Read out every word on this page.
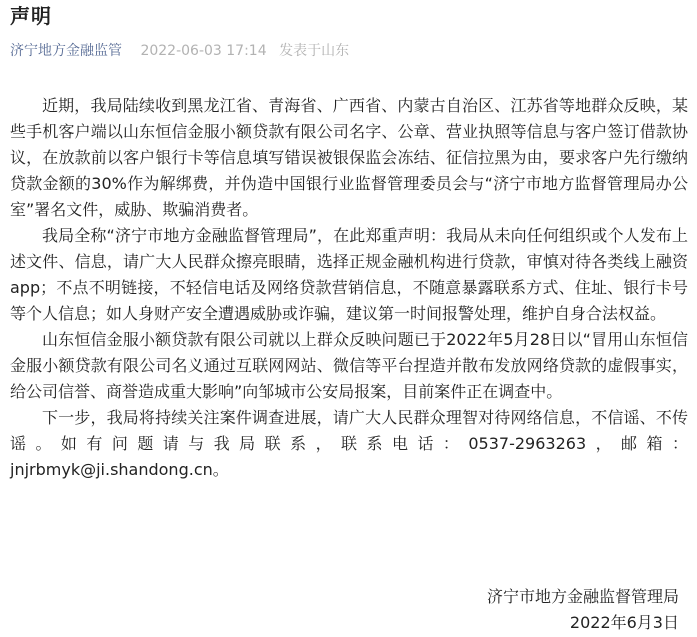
声明
济宁地方金融监管 2022-06-03 17:14 发表于山东

近期，我局陆续收到黑龙江省、青海省、广西省、内蒙古自治区、江苏省等地群众反映，某些手机客户端以山东恒信金服小额贷款有限公司名字、公章、营业执照等信息与客户签订借款协议，在放款前以客户银行卡等信息填写错误被银保监会冻结、征信拉黑为由，要求客户先行缴纳贷款金额的30%作为解绑费，并伪造中国银行业监督管理委员会与“济宁市地方监督管理局办公室”署名文件，威胁、欺骗消费者。

我局全称“济宁市地方金融监督管理局”，在此郑重声明：我局从未向任何组织或个人发布上述文件、信息，请广大人民群众擦亮眼睛，选择正规金融机构进行贷款，审慎对待各类线上融资app；不点不明链接，不轻信电话及网络贷款营销信息，不随意暴露联系方式、住址、银行卡号等个人信息；如人身财产安全遭遇威胁或诈骗，建议第一时间报警处理，维护自身合法权益。

山东恒信金服小额贷款有限公司就以上群众反映问题已于2022年5月28日以“冒用山东恒信金服小额贷款有限公司名义通过互联网网站、微信等平台捏造并散布发放网络贷款的虚假事实，给公司信誉、商誉造成重大影响”向邹城市公安局报案，目前案件正在调查中。

下一步，我局将持续关注案件调查进展，请广大人民群众理智对待网络信息，不信谣、不传谣。如有问题请与我局联系，联系电话：0537-2963263，邮箱：jnjrbmyk@ji.shandong.cn。

济宁市地方金融监督管理局
2022年6月3日
